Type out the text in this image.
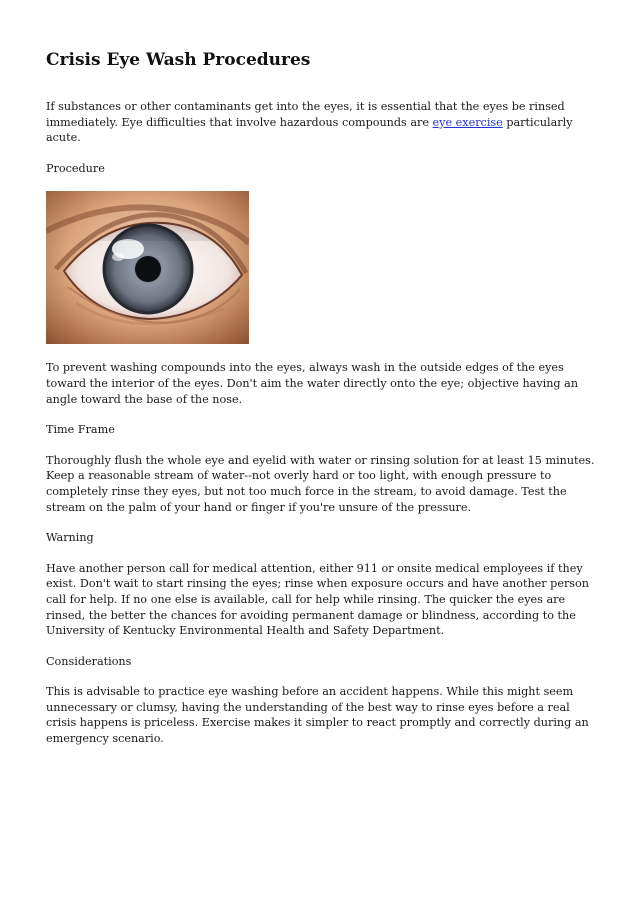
Crisis Eye Wash Procedures

If substances or other contaminants get into the eyes, it is essential that the eyes be rinsed immediately. Eye difficulties that involve hazardous compounds are eye exercise particularly acute.

Procedure

To prevent washing compounds into the eyes, always wash in the outside edges of the eyes toward the interior of the eyes. Don't aim the water directly onto the eye; objective having an angle toward the base of the nose.

Time Frame

Thoroughly flush the whole eye and eyelid with water or rinsing solution for at least 15 minutes. Keep a reasonable stream of water--not overly hard or too light, with enough pressure to completely rinse they eyes, but not too much force in the stream, to avoid damage. Test the stream on the palm of your hand or finger if you're unsure of the pressure.

Warning

Have another person call for medical attention, either 911 or onsite medical employees if they exist. Don't wait to start rinsing the eyes; rinse when exposure occurs and have another person call for help. If no one else is available, call for help while rinsing. The quicker the eyes are rinsed, the better the chances for avoiding permanent damage or blindness, according to the University of Kentucky Environmental Health and Safety Department.

Considerations

This is advisable to practice eye washing before an accident happens. While this might seem unnecessary or clumsy, having the understanding of the best way to rinse eyes before a real crisis happens is priceless. Exercise makes it simpler to react promptly and correctly during an emergency scenario.
